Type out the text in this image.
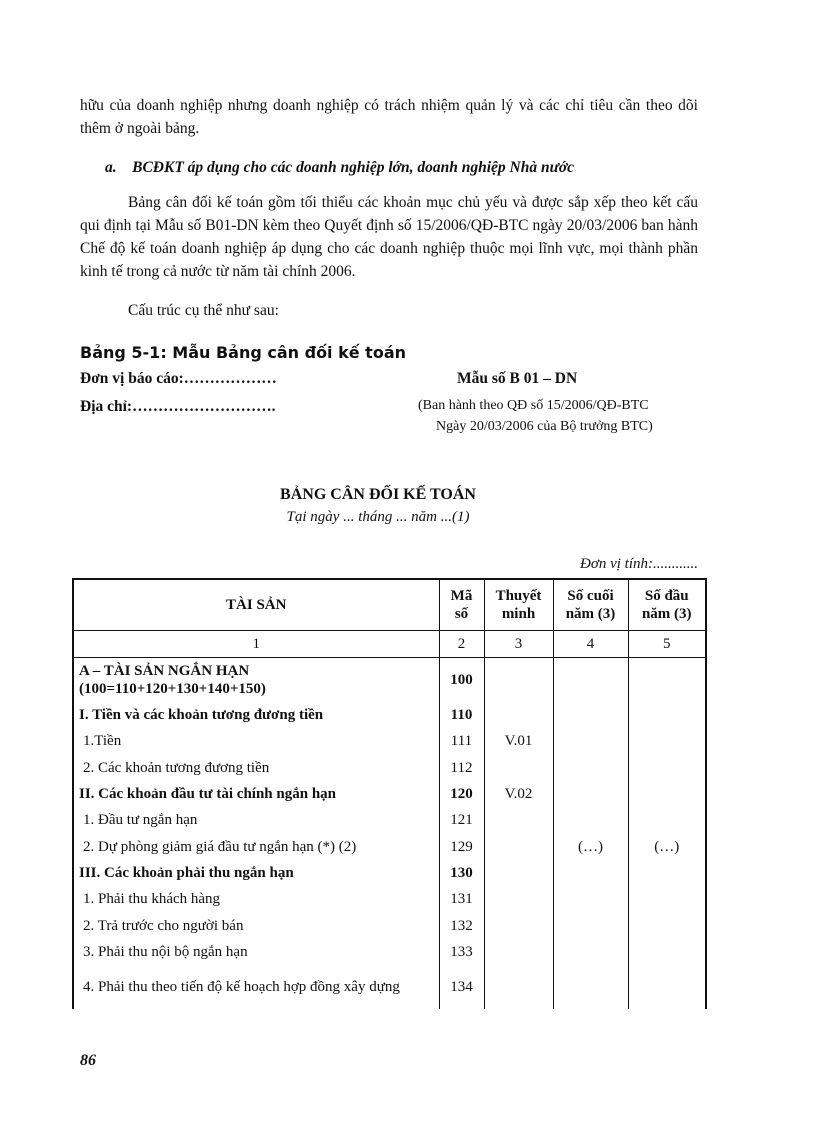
hữu của doanh nghiệp nhưng doanh nghiệp có trách nhiệm quản lý và các chỉ tiêu cần theo dõi thêm ở ngoài bảng.
a. BCĐKT áp dụng cho các doanh nghiệp lớn, doanh nghiệp Nhà nước
Bảng cân đối kế toán gồm tối thiểu các khoản mục chủ yếu và được sắp xếp theo kết cấu qui định tại Mẫu số B01-DN kèm theo Quyết định số 15/2006/QĐ-BTC ngày 20/03/2006 ban hành Chế độ kế toán doanh nghiệp áp dụng cho các doanh nghiệp thuộc mọi lĩnh vực, mọi thành phần kinh tế trong cả nước từ năm tài chính 2006.
Cấu trúc cụ thể như sau:
Bảng 5-1: Mẫu Bảng cân đối kế toán
Đơn vị báo cáo:………………
Địa chỉ:……………………….
Mẫu số B 01 – DN
(Ban hành theo QĐ số 15/2006/QĐ-BTC
Ngày 20/03/2006 của Bộ trưởng BTC)
BẢNG CÂN ĐỐI KẾ TOÁN
Tại ngày ... tháng ... năm ...(1)
Đơn vị tính:............
TÀI SẢN	Mã số	Thuyết minh	Số cuối năm (3)	Số đầu năm (3)
1	2	3	4	5
A – TÀI SẢN NGẮN HẠN (100=110+120+130+140+150)	100			
I. Tiền và các khoản tương đương tiền	110			
1.Tiền	111	V.01		
2. Các khoản tương đương tiền	112			
II. Các khoản đầu tư tài chính ngắn hạn	120	V.02		
1. Đầu tư ngắn hạn	121			
2. Dự phòng giảm giá đầu tư ngắn hạn (*) (2)	129		(…)	(…)
III. Các khoản phải thu ngắn hạn	130			
1. Phải thu khách hàng	131			
2. Trả trước cho người bán	132			
3. Phải thu nội bộ ngắn hạn	133			
4. Phải thu theo tiến độ kế hoạch hợp đồng xây dựng	134			
86
